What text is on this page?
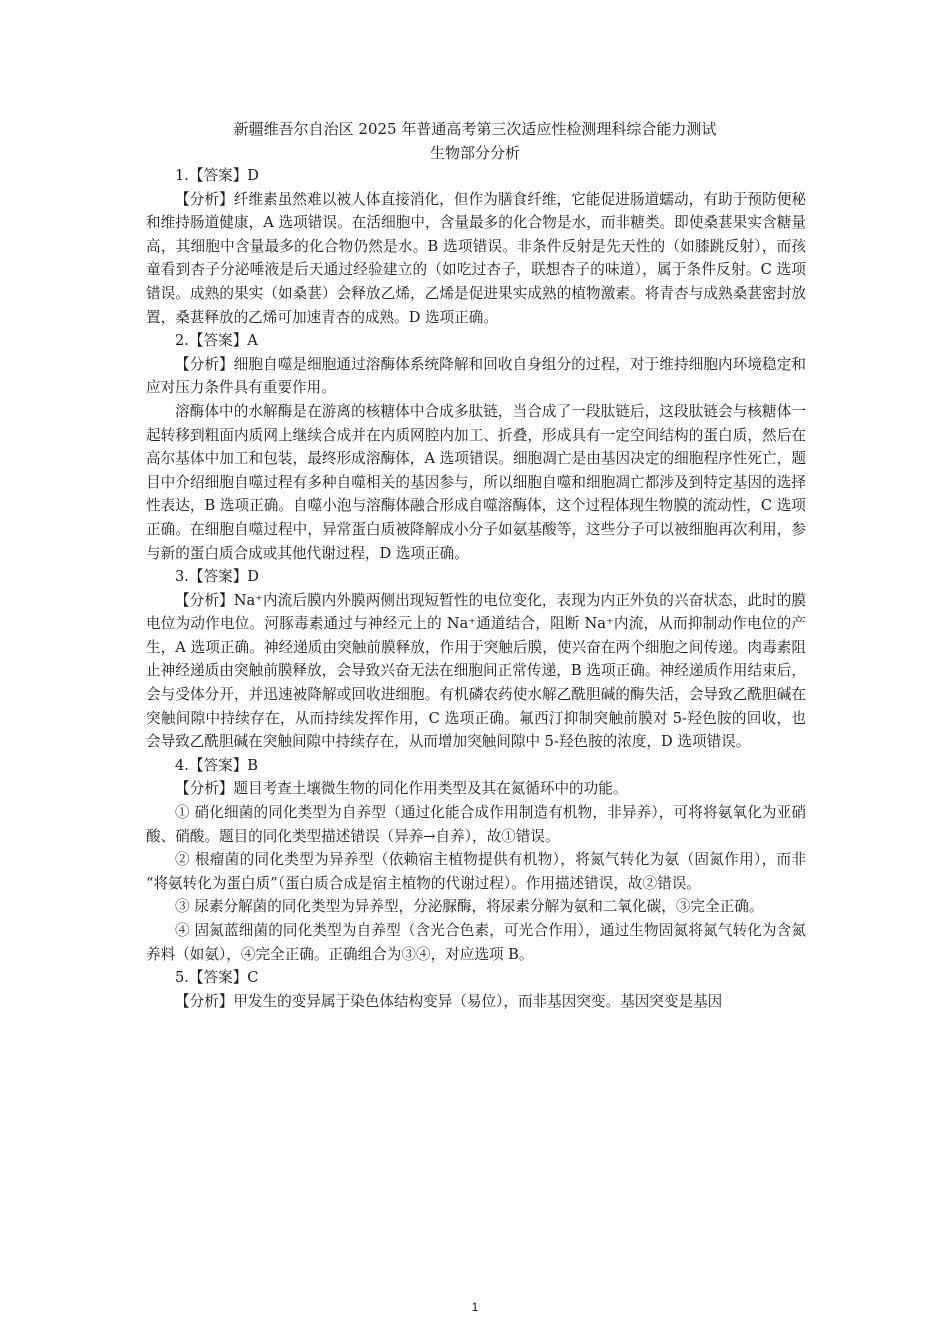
新疆维吾尔自治区 2025 年普通高考第三次适应性检测理科综合能力测试
生物部分分析

1.【答案】D

【分析】纤维素虽然难以被人体直接消化，但作为膳食纤维，它能促进肠道蠕动，有助于预防便秘和维持肠道健康，A 选项错误。在活细胞中，含量最多的化合物是水，而非糖类。即使桑葚果实含糖量高，其细胞中含量最多的化合物仍然是水。B 选项错误。非条件反射是先天性的（如膝跳反射），而孩童看到杏子分泌唾液是后天通过经验建立的（如吃过杏子，联想杏子的味道），属于条件反射。C 选项错误。成熟的果实（如桑葚）会释放乙烯，乙烯是促进果实成熟的植物激素。将青杏与成熟桑葚密封放置，桑葚释放的乙烯可加速青杏的成熟。D 选项正确。

2.【答案】A

【分析】细胞自噬是细胞通过溶酶体系统降解和回收自身组分的过程，对于维持细胞内环境稳定和应对压力条件具有重要作用。

溶酶体中的水解酶是在游离的核糖体中合成多肽链，当合成了一段肽链后，这段肽链会与核糖体一起转移到粗面内质网上继续合成并在内质网腔内加工、折叠，形成具有一定空间结构的蛋白质，然后在高尔基体中加工和包装，最终形成溶酶体，A 选项错误。细胞凋亡是由基因决定的细胞程序性死亡，题目中介绍细胞自噬过程有多种自噬相关的基因参与，所以细胞自噬和细胞凋亡都涉及到特定基因的选择性表达，B 选项正确。自噬小泡与溶酶体融合形成自噬溶酶体，这个过程体现生物膜的流动性，C 选项正确。在细胞自噬过程中，异常蛋白质被降解成小分子如氨基酸等，这些分子可以被细胞再次利用，参与新的蛋白质合成或其他代谢过程，D 选项正确。

3.【答案】D

【分析】Na⁺内流后膜内外膜两侧出现短暂性的电位变化，表现为内正外负的兴奋状态，此时的膜电位为动作电位。河豚毒素通过与神经元上的 Na⁺通道结合，阻断 Na⁺内流，从而抑制动作电位的产生，A 选项正确。神经递质由突触前膜释放，作用于突触后膜，使兴奋在两个细胞之间传递。肉毒素阻止神经递质由突触前膜释放，会导致兴奋无法在细胞间正常传递，B 选项正确。神经递质作用结束后，会与受体分开，并迅速被降解或回收进细胞。有机磷农药使水解乙酰胆碱的酶失活，会导致乙酰胆碱在突触间隙中持续存在，从而持续发挥作用，C 选项正确。氟西汀抑制突触前膜对 5-羟色胺的回收，也会导致乙酰胆碱在突触间隙中持续存在，从而增加突触间隙中 5-羟色胺的浓度，D 选项错误。

4.【答案】B

【分析】题目考查土壤微生物的同化作用类型及其在氮循环中的功能。

① 硝化细菌的同化类型为自养型（通过化能合成作用制造有机物，非异养），可将将氨氧化为亚硝酸、硝酸。题目的同化类型描述错误（异养→自养），故①错误。

② 根瘤菌的同化类型为异养型（依赖宿主植物提供有机物），将氮气转化为氨（固氮作用），而非 “将氨转化为蛋白质”（蛋白质合成是宿主植物的代谢过程）。作用描述错误，故②错误。

③ 尿素分解菌的同化类型为异养型，分泌脲酶，将尿素分解为氨和二氧化碳，③完全正确。

④ 固氮蓝细菌的同化类型为自养型（含光合色素，可光合作用），通过生物固氮将氮气转化为含氮养料（如氨），④完全正确。正确组合为③④，对应选项 B。

5.【答案】C

【分析】甲发生的变异属于染色体结构变异（易位），而非基因突变。基因突变是基因

1
